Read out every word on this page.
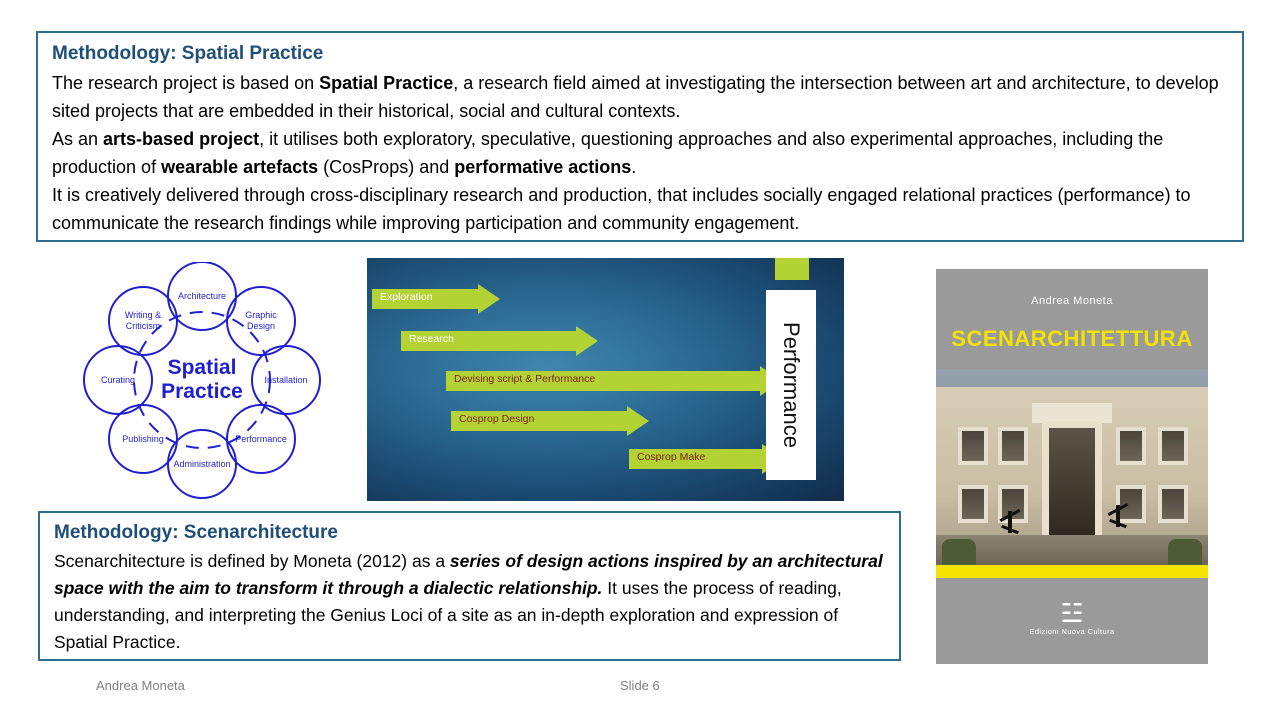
Methodology: Spatial Practice

The research project is based on Spatial Practice, a research field aimed at investigating the intersection between art and architecture, to develop sited projects that are embedded in their historical, social and cultural contexts.

As an arts-based project, it utilises both exploratory, speculative, questioning approaches and also experimental approaches, including the production of wearable artefacts (CosProps) and performative actions.

It is creatively delivered through cross-disciplinary research and production, that includes socially engaged relational practices (performance) to communicate the research findings while improving participation and community engagement.

Architecture
Graphic
Design
Installation
Performance
Administration
Publishing
Curating
Writing &
Criticism
Spatial
Practice
Exploration
Research
Devising script & Performance
Cosprop Design
Cosprop Make
Performance
Andrea Moneta
SCENARCHITETTURA
☳
Edizioni Nuova Cultura
Methodology: Scenarchitecture

Scenarchitecture is defined by Moneta (2012) as a series of design actions inspired by an architectural space with the aim to transform it through a dialectic relationship. It uses the process of reading, understanding, and interpreting the Genius Loci of a site as an in-depth exploration and expression of Spatial Practice.

Andrea Moneta	Slide 6
